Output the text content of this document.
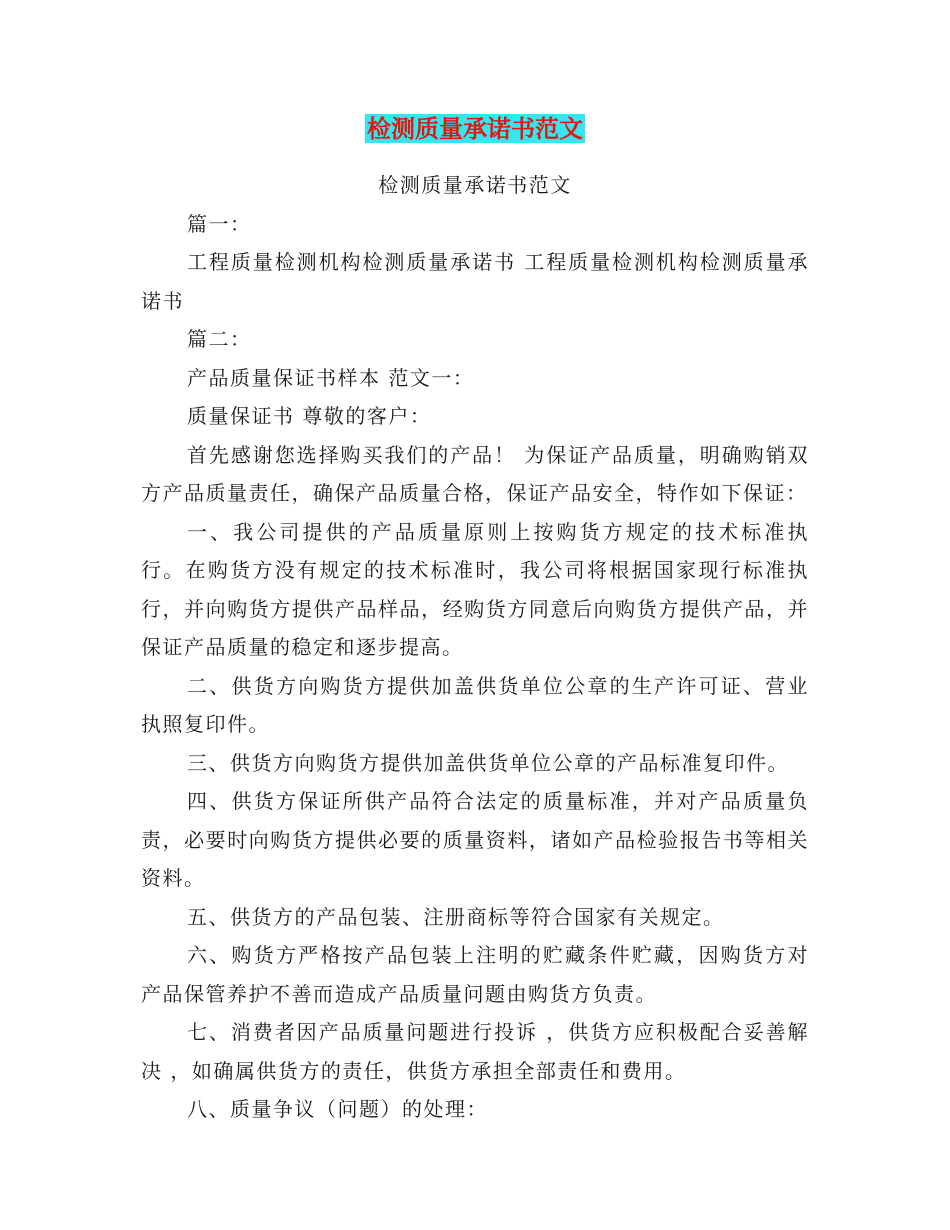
检测质量承诺书范文

检测质量承诺书范文

篇一：

工程质量检测机构检测质量承诺书 工程质量检测机构检测质量承诺书

篇二：

产品质量保证书样本 范文一：

质量保证书 尊敬的客户：

首先感谢您选择购买我们的产品！ 为保证产品质量，明确购销双方产品质量责任，确保产品质量合格，保证产品安全，特作如下保证：

一、我公司提供的产品质量原则上按购货方规定的技术标准执行。在购货方没有规定的技术标准时，我公司将根据国家现行标准执行，并向购货方提供产品样品，经购货方同意后向购货方提供产品，并保证产品质量的稳定和逐步提高。

二、供货方向购货方提供加盖供货单位公章的生产许可证、营业执照复印件。

三、供货方向购货方提供加盖供货单位公章的产品标准复印件。

四、供货方保证所供产品符合法定的质量标准，并对产品质量负责，必要时向购货方提供必要的质量资料，诸如产品检验报告书等相关资料。

五、供货方的产品包装、注册商标等符合国家有关规定。

六、购货方严格按产品包装上注明的贮藏条件贮藏，因购货方对产品保管养护不善而造成产品质量问题由购货方负责。

七、消费者因产品质量问题进行投诉 ，供货方应积极配合妥善解决 ，如确属供货方的责任，供货方承担全部责任和费用。

八、质量争议（问题）的处理：
